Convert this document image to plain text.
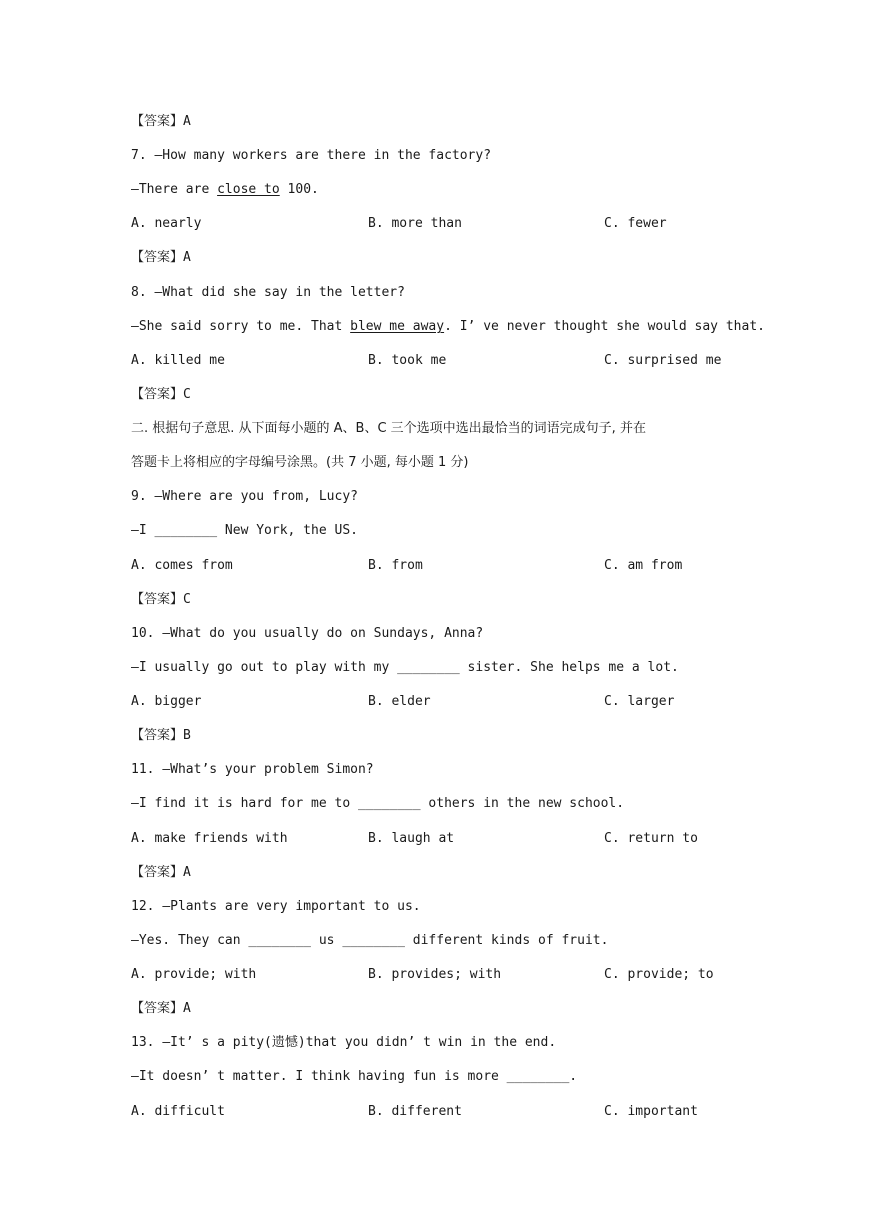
【答案】A
7. —How many workers are there in the factory?
—There are close to 100.
A. nearly	B. more than	C. fewer
【答案】A
8. —What did she say in the letter?
—She said sorry to me. That blew me away. I’ ve never thought she would say that.
A. killed me	B. took me	C. surprised me
【答案】C
二. 根据句子意思. 从下面每小题的 A、B、C 三个选项中选出最恰当的词语完成句子, 并在
答题卡上将相应的字母编号涂黑。(共 7 小题, 每小题 1 分)
9. —Where are you from, Lucy?
—I ________ New York, the US.
A. comes from	B. from	C. am from
【答案】C
10. —What do you usually do on Sundays, Anna?
—I usually go out to play with my ________ sister. She helps me a lot.
A. bigger	B. elder	C. larger
【答案】B
11. —What’s your problem Simon?
—I find it is hard for me to ________ others in the new school.
A. make friends with	B. laugh at	C. return to
【答案】A
12. —Plants are very important to us.
—Yes. They can ________ us ________ different kinds of fruit.
A. provide; with	B. provides; with	C. provide; to
【答案】A
13. —It’ s a pity(遗憾)that you didn’ t win in the end.
—It doesn’ t matter. I think having fun is more ________.
A. difficult	B. different	C. important
